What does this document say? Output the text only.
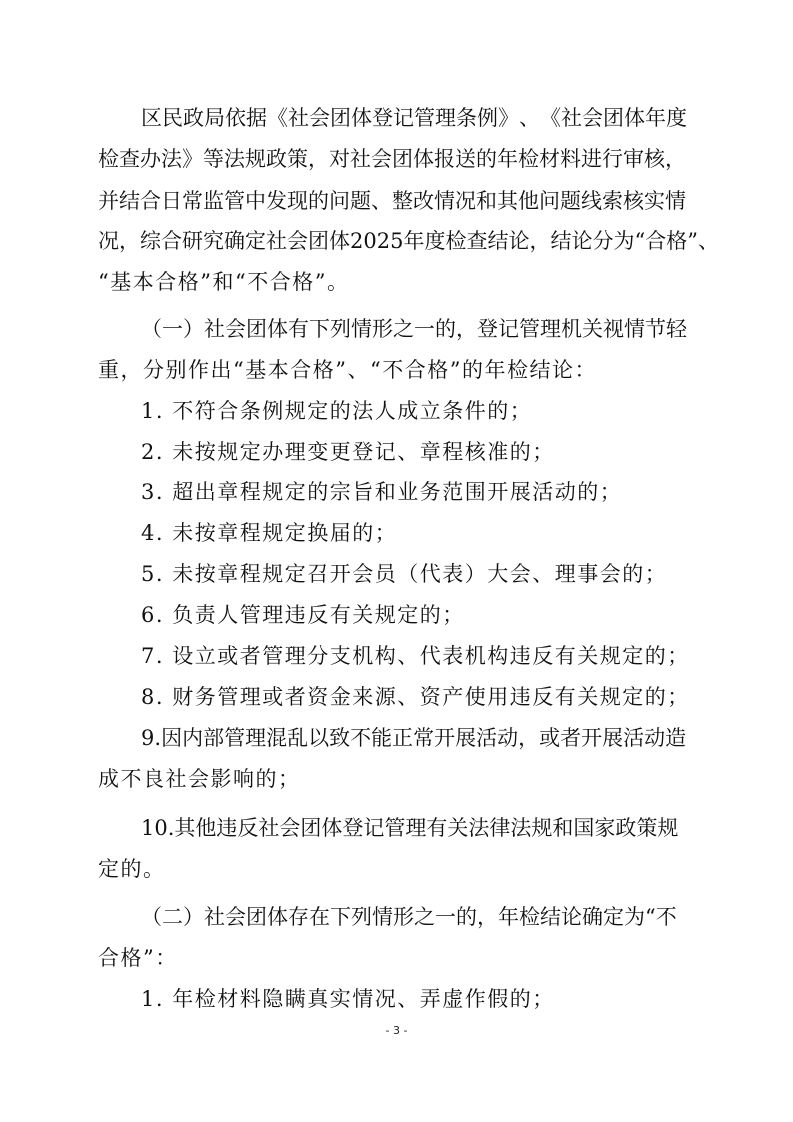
区 民 政 局 依 据 《 社 会 团 体 登 记 管 理 条 例 》 、 《 社 会 团 体 年 度
检 查 办 法 》 等 法 规 政 策 ， 对 社 会 团 体 报 送 的 年 检 材 料 进 行 审 核 ，
并 结 合 日 常 监 管 中 发 现 的 问 题 、 整 改 情 况 和 其 他 问 题 线 索 核 实 情
况 ， 综 合 研 究 确 定 社 会 团 体 2025 年 度 检 查 结 论 ， 结 论 分 为 “ 合 格 ” 、
“基本合格”和“不合格”。
（ 一 ） 社 会 团 体 有 下 列 情 形 之 一 的 ， 登 记 管 理 机 关 视 情 节 轻
重，分别作出“基本合格”、“不合格”的年检结论：
1. 不符合条例规定的法人成立条件的；
2. 未按规定办理变更登记、章程核准的；
3. 超出章程规定的宗旨和业务范围开展活动的；
4. 未按章程规定换届的；
5. 未按章程规定召开会员（代表）大会、理事会的；
6. 负责人管理违反有关规定的；
7. 设立或者管理分支机构、代表机构违反有关规定的；
8. 财务管理或者资金来源、资产使用违反有关规定的；
9 . 因 内 部 管 理 混 乱 以 致 不 能 正 常 开 展 活 动 ， 或 者 开 展 活 动 造
成不良社会影响的；
10 . 其 他 违 反 社 会 团 体 登 记 管 理 有 关 法 律 法 规 和 国 家 政 策 规
定的。
（ 二 ） 社 会 团 体 存 在 下 列 情 形 之 一 的 ， 年 检 结 论 确 定 为 “ 不
合格”：
1. 年检材料隐瞒真实情况、弄虚作假的；
- 3 -
